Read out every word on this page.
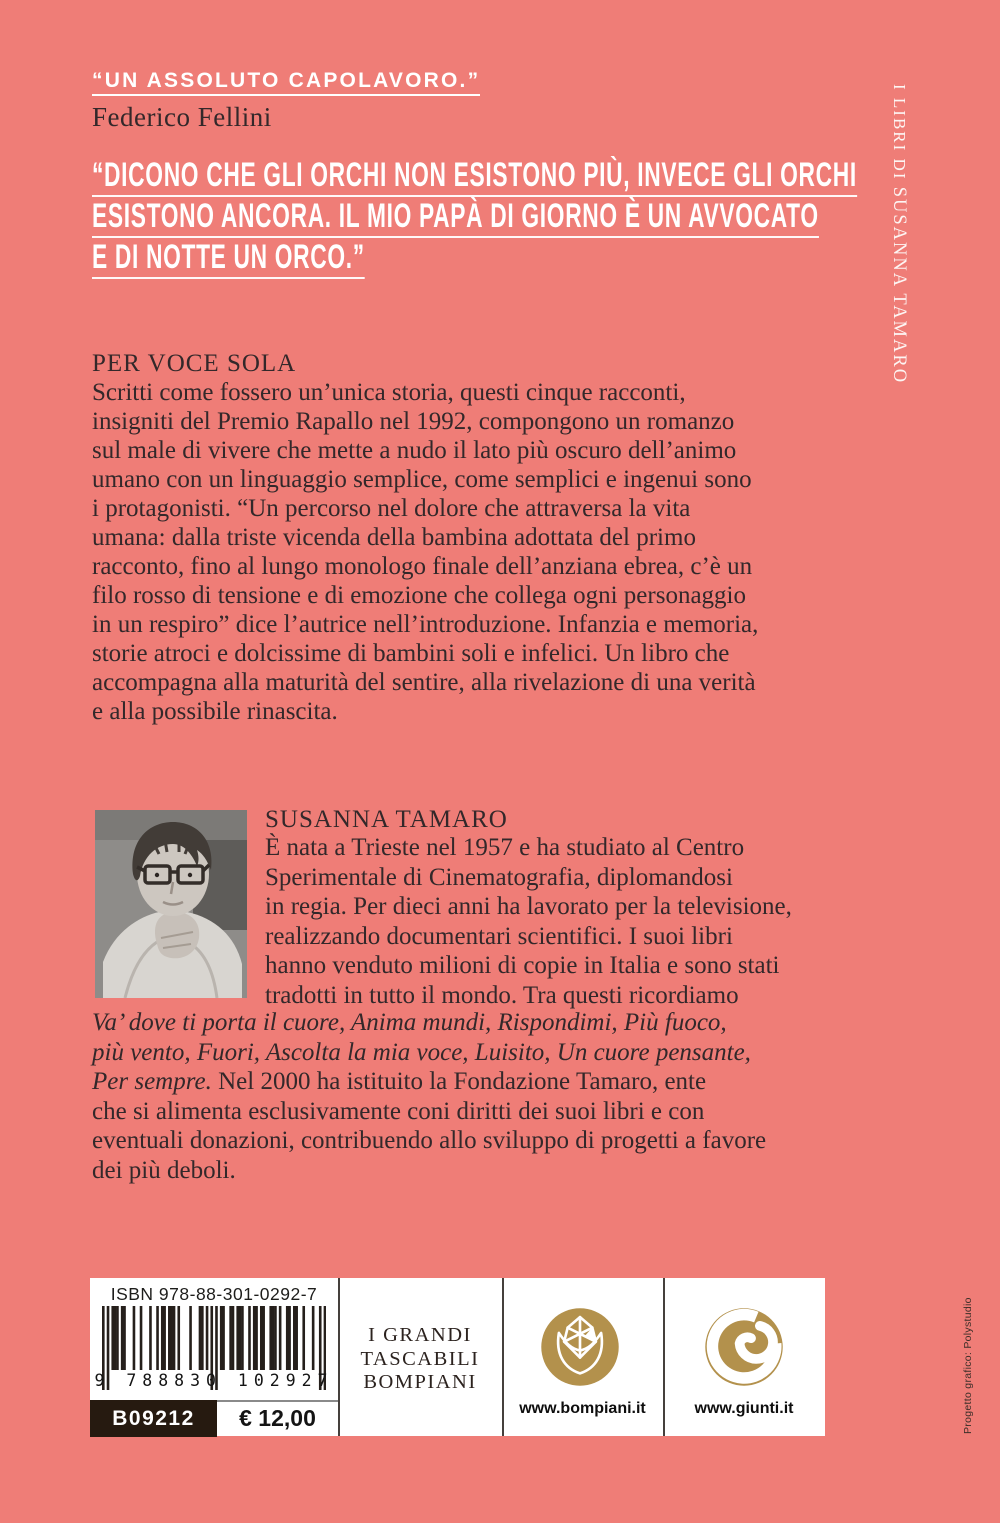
“UN ASSOLUTO CAPOLAVORO.”
Federico Fellini
“DICONO CHE GLI ORCHI NON ESISTONO PIÙ, INVECE GLI ORCHI
ESISTONO ANCORA. IL MIO PAPÀ DI GIORNO È UN AVVOCATO
E DI NOTTE UN ORCO.”
PER VOCE SOLA
Scritti come fossero un’unica storia, questi cinque racconti,
insigniti del Premio Rapallo nel 1992, compongono un romanzo
sul male di vivere che mette a nudo il lato più oscuro dell’animo
umano con un linguaggio semplice, come semplici e ingenui sono
i protagonisti. “Un percorso nel dolore che attraversa la vita
umana: dalla triste vicenda della bambina adottata del primo
racconto, fino al lungo monologo finale dell’anziana ebrea, c’è un
filo rosso di tensione e di emozione che collega ogni personaggio
in un respiro” dice l’autrice nell’introduzione. Infanzia e memoria,
storie atroci e dolcissime di bambini soli e infelici. Un libro che
accompagna alla maturità del sentire, alla rivelazione di una verità
e alla possibile rinascita.
SUSANNA TAMARO
È nata a Trieste nel 1957 e ha studiato al Centro
Sperimentale di Cinematografia, diplomandosi
in regia. Per dieci anni ha lavorato per la televisione,
realizzando documentari scientifici. I suoi libri
hanno venduto milioni di copie in Italia e sono stati
tradotti in tutto il mondo. Tra questi ricordiamo
Va’ dove ti porta il cuore, Anima mundi, Rispondimi, Più fuoco,
più vento, Fuori, Ascolta la mia voce, Luisito, Un cuore pensante,
Per sempre. Nel 2000 ha istituito la Fondazione Tamaro, ente
che si alimenta esclusivamente coni diritti dei suoi libri e con
eventuali donazioni, contribuendo allo sviluppo di progetti a favore
dei più deboli.

I LIBRI DI SUSANNA TAMARO

ISBN 978-88-301-0292-7
9 788830 102927
B09212	€ 12,00
I GRANDI
TASCABILI
BOMPIANI
www.bompiani.it	www.giunti.it	Progetto grafico: Polystudio
